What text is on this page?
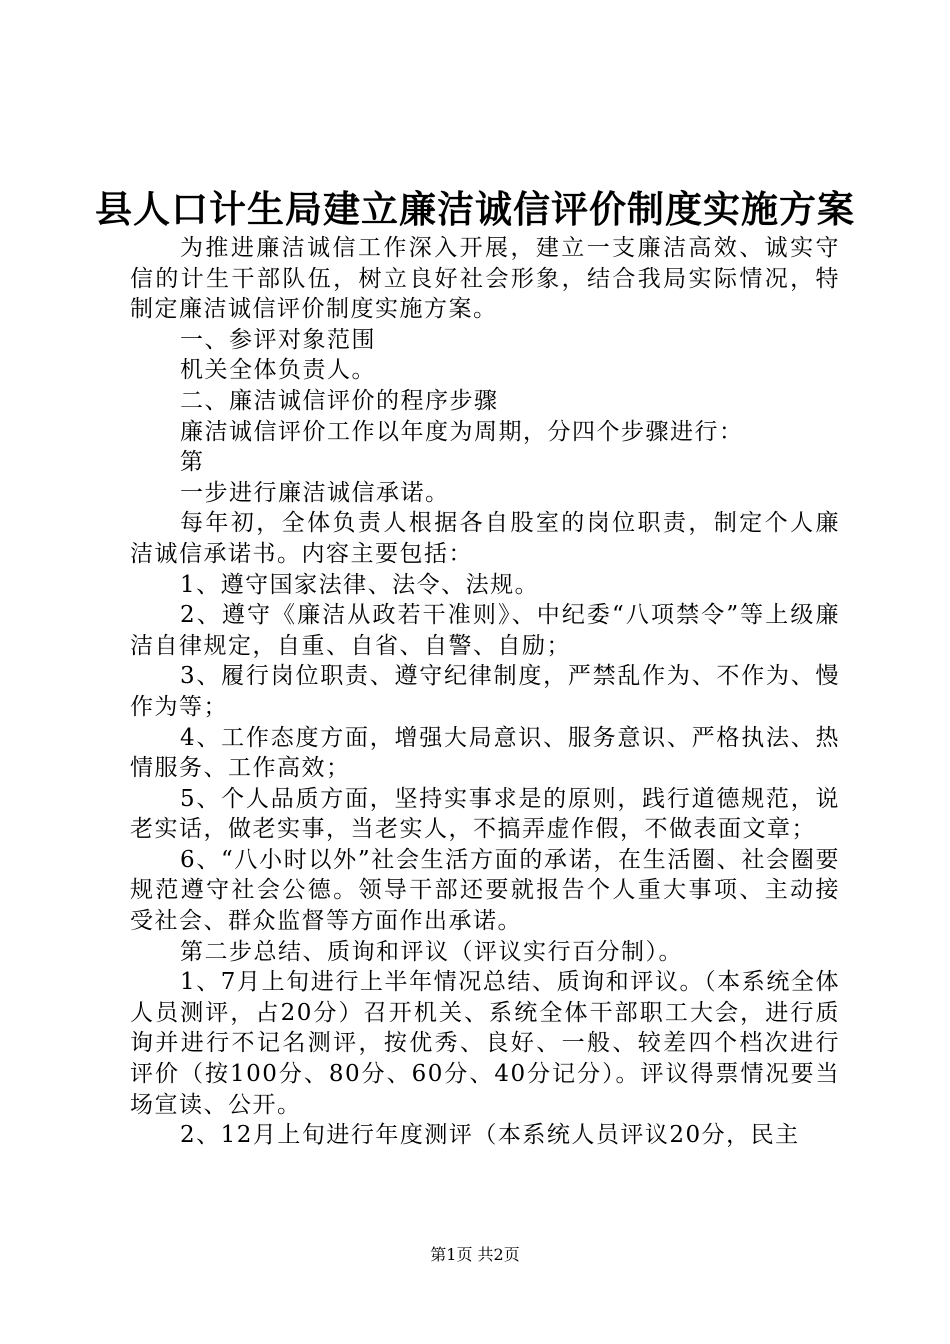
县人口计生局建立廉洁诚信评价制度实施方案

为推进廉洁诚信工作深入开展，建立一支廉洁高效、诚实守信的计生干部队伍，树立良好社会形象，结合我局实际情况，特制定廉洁诚信评价制度实施方案。

一、参评对象范围

机关全体负责人。

二、廉洁诚信评价的程序步骤

廉洁诚信评价工作以年度为周期，分四个步骤进行：

第

一步进行廉洁诚信承诺。

每年初，全体负责人根据各自股室的岗位职责，制定个人廉洁诚信承诺书。内容主要包括：

1、遵守国家法律、法令、法规。

2、遵守《廉洁从政若干准则》、中纪委“八项禁令”等上级廉洁自律规定，自重、自省、自警、自励；

3、履行岗位职责、遵守纪律制度，严禁乱作为、不作为、慢作为等；

4、工作态度方面，增强大局意识、服务意识、严格执法、热情服务、工作高效；

5、个人品质方面，坚持实事求是的原则，践行道德规范，说老实话，做老实事，当老实人，不搞弄虚作假，不做表面文章；

6、“八小时以外”社会生活方面的承诺，在生活圈、社会圈要规范遵守社会公德。领导干部还要就报告个人重大事项、主动接受社会、群众监督等方面作出承诺。

第二步总结、质询和评议（评议实行百分制）。

1、7月上旬进行上半年情况总结、质询和评议。（本系统全体人员测评，占20分）召开机关、系统全体干部职工大会，进行质询并进行不记名测评，按优秀、良好、一般、较差四个档次进行评价（按100分、80分、60分、40分记分）。评议得票情况要当场宣读、公开。

2、12月上旬进行年度测评（本系统人员评议20分，民主

第1页 共2页
